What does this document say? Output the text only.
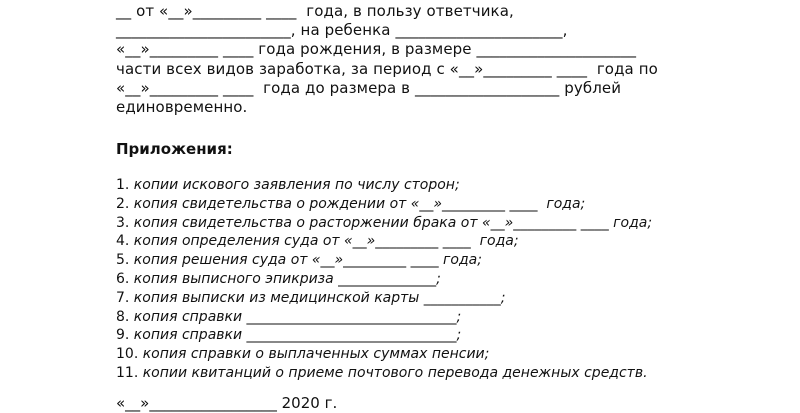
__ от «__»_________ ____  года, в пользу ответчика,

_______________________, на ребенка ______________________,

«__»_________ ____ года рождения, в размере _____________________

части всех видов заработка, за период с «__»_________ ____  года по

«__»_________ ____  года до размера в ___________________ рублей

единовременно.

Приложения:

1. копии искового заявления по числу сторон;
2. копия свидетельства о рождении от «__»_________ ____  года;
3. копия свидетельства о расторжении брака от «__»_________ ____ года;
4. копия определения суда от «__»_________ ____  года;
5. копия решения суда от «__»_________ ____ года;
6. копия выписного эпикриза ______________;
7. копия выписки из медицинской карты ___________;
8. копия справки ______________________________;
9. копия справки ______________________________;
10. копия справки о выплаченных суммах пенсии;
11. копии квитанций о приеме почтового перевода денежных средств.

«__»_________________ 2020 г.
